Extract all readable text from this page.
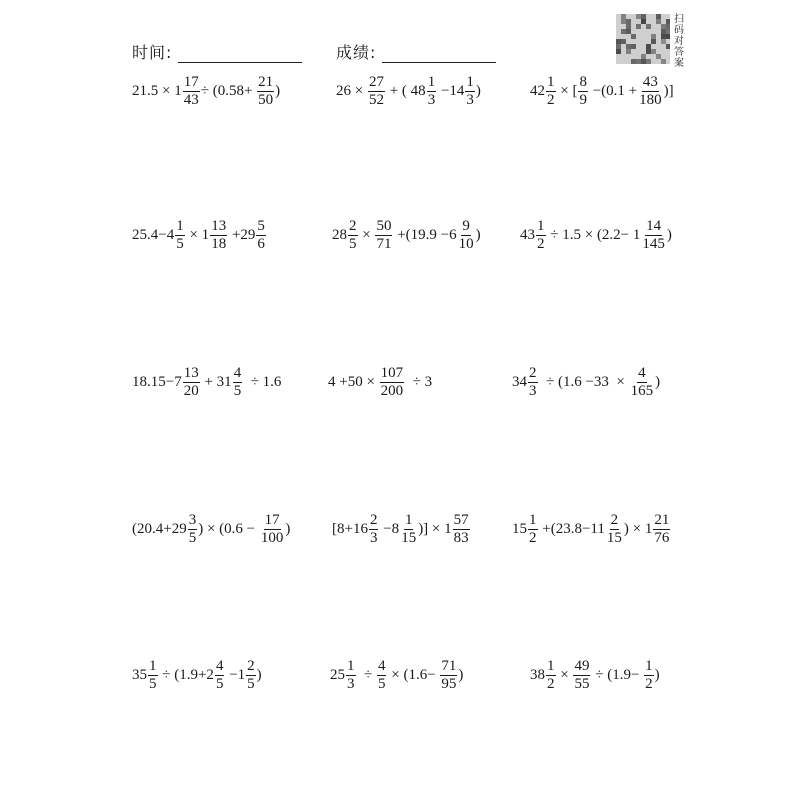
时间:	成绩:
扫码对答案
$21.5 \times 1 \frac{17}{43} \div (0.58+ \frac{21}{50}$ )	$26 \times \frac{27}{52}$ + ( $48 \frac{1}{3} -14 \frac{1}{3}$ )	$42 \frac{1}{2}$ × [ $\frac{8}{9} -(0.1 + \frac{43}{180}$ )]
$25.4-4 \frac{1}{5} \times 1 \frac{13}{18} +29 \frac{5}{6}$	$28 \frac{2}{5} \times \frac{50}{71} +(19.9 -6 \frac{9}{10}$ )	$43 \frac{1}{2} \div 1.5 \times (2.2- 1 \frac{14}{145}$ )
$18.15-7 \frac{13}{20} + 31 \frac{4}{5} \div 1.6$	$4 +50 \times \frac{107}{200} \div 3$	$34 \frac{2}{3} \div (1.6 -33 \times \frac{4}{165}$ )
($20.4+29 \frac{3}{5}$ ) × ($0.6 - \frac{17}{100}$ )	[$8+16 \frac{2}{3} -8 \frac{1}{15}$ )] × $1 \frac{57}{83}$	$15 \frac{1}{2} +(23.8-11 \frac{2}{15}$ ) × $1 \frac{21}{76}$
$35 \frac{1}{5} \div (1.9+2 \frac{4}{5} -1 \frac{2}{5}$ )	$25 \frac{1}{3} \div \frac{4}{5} \times (1.6- \frac{71}{95}$ )	$38 \frac{1}{2} \times \frac{49}{55} \div (1.9- \frac{1}{2}$ )
